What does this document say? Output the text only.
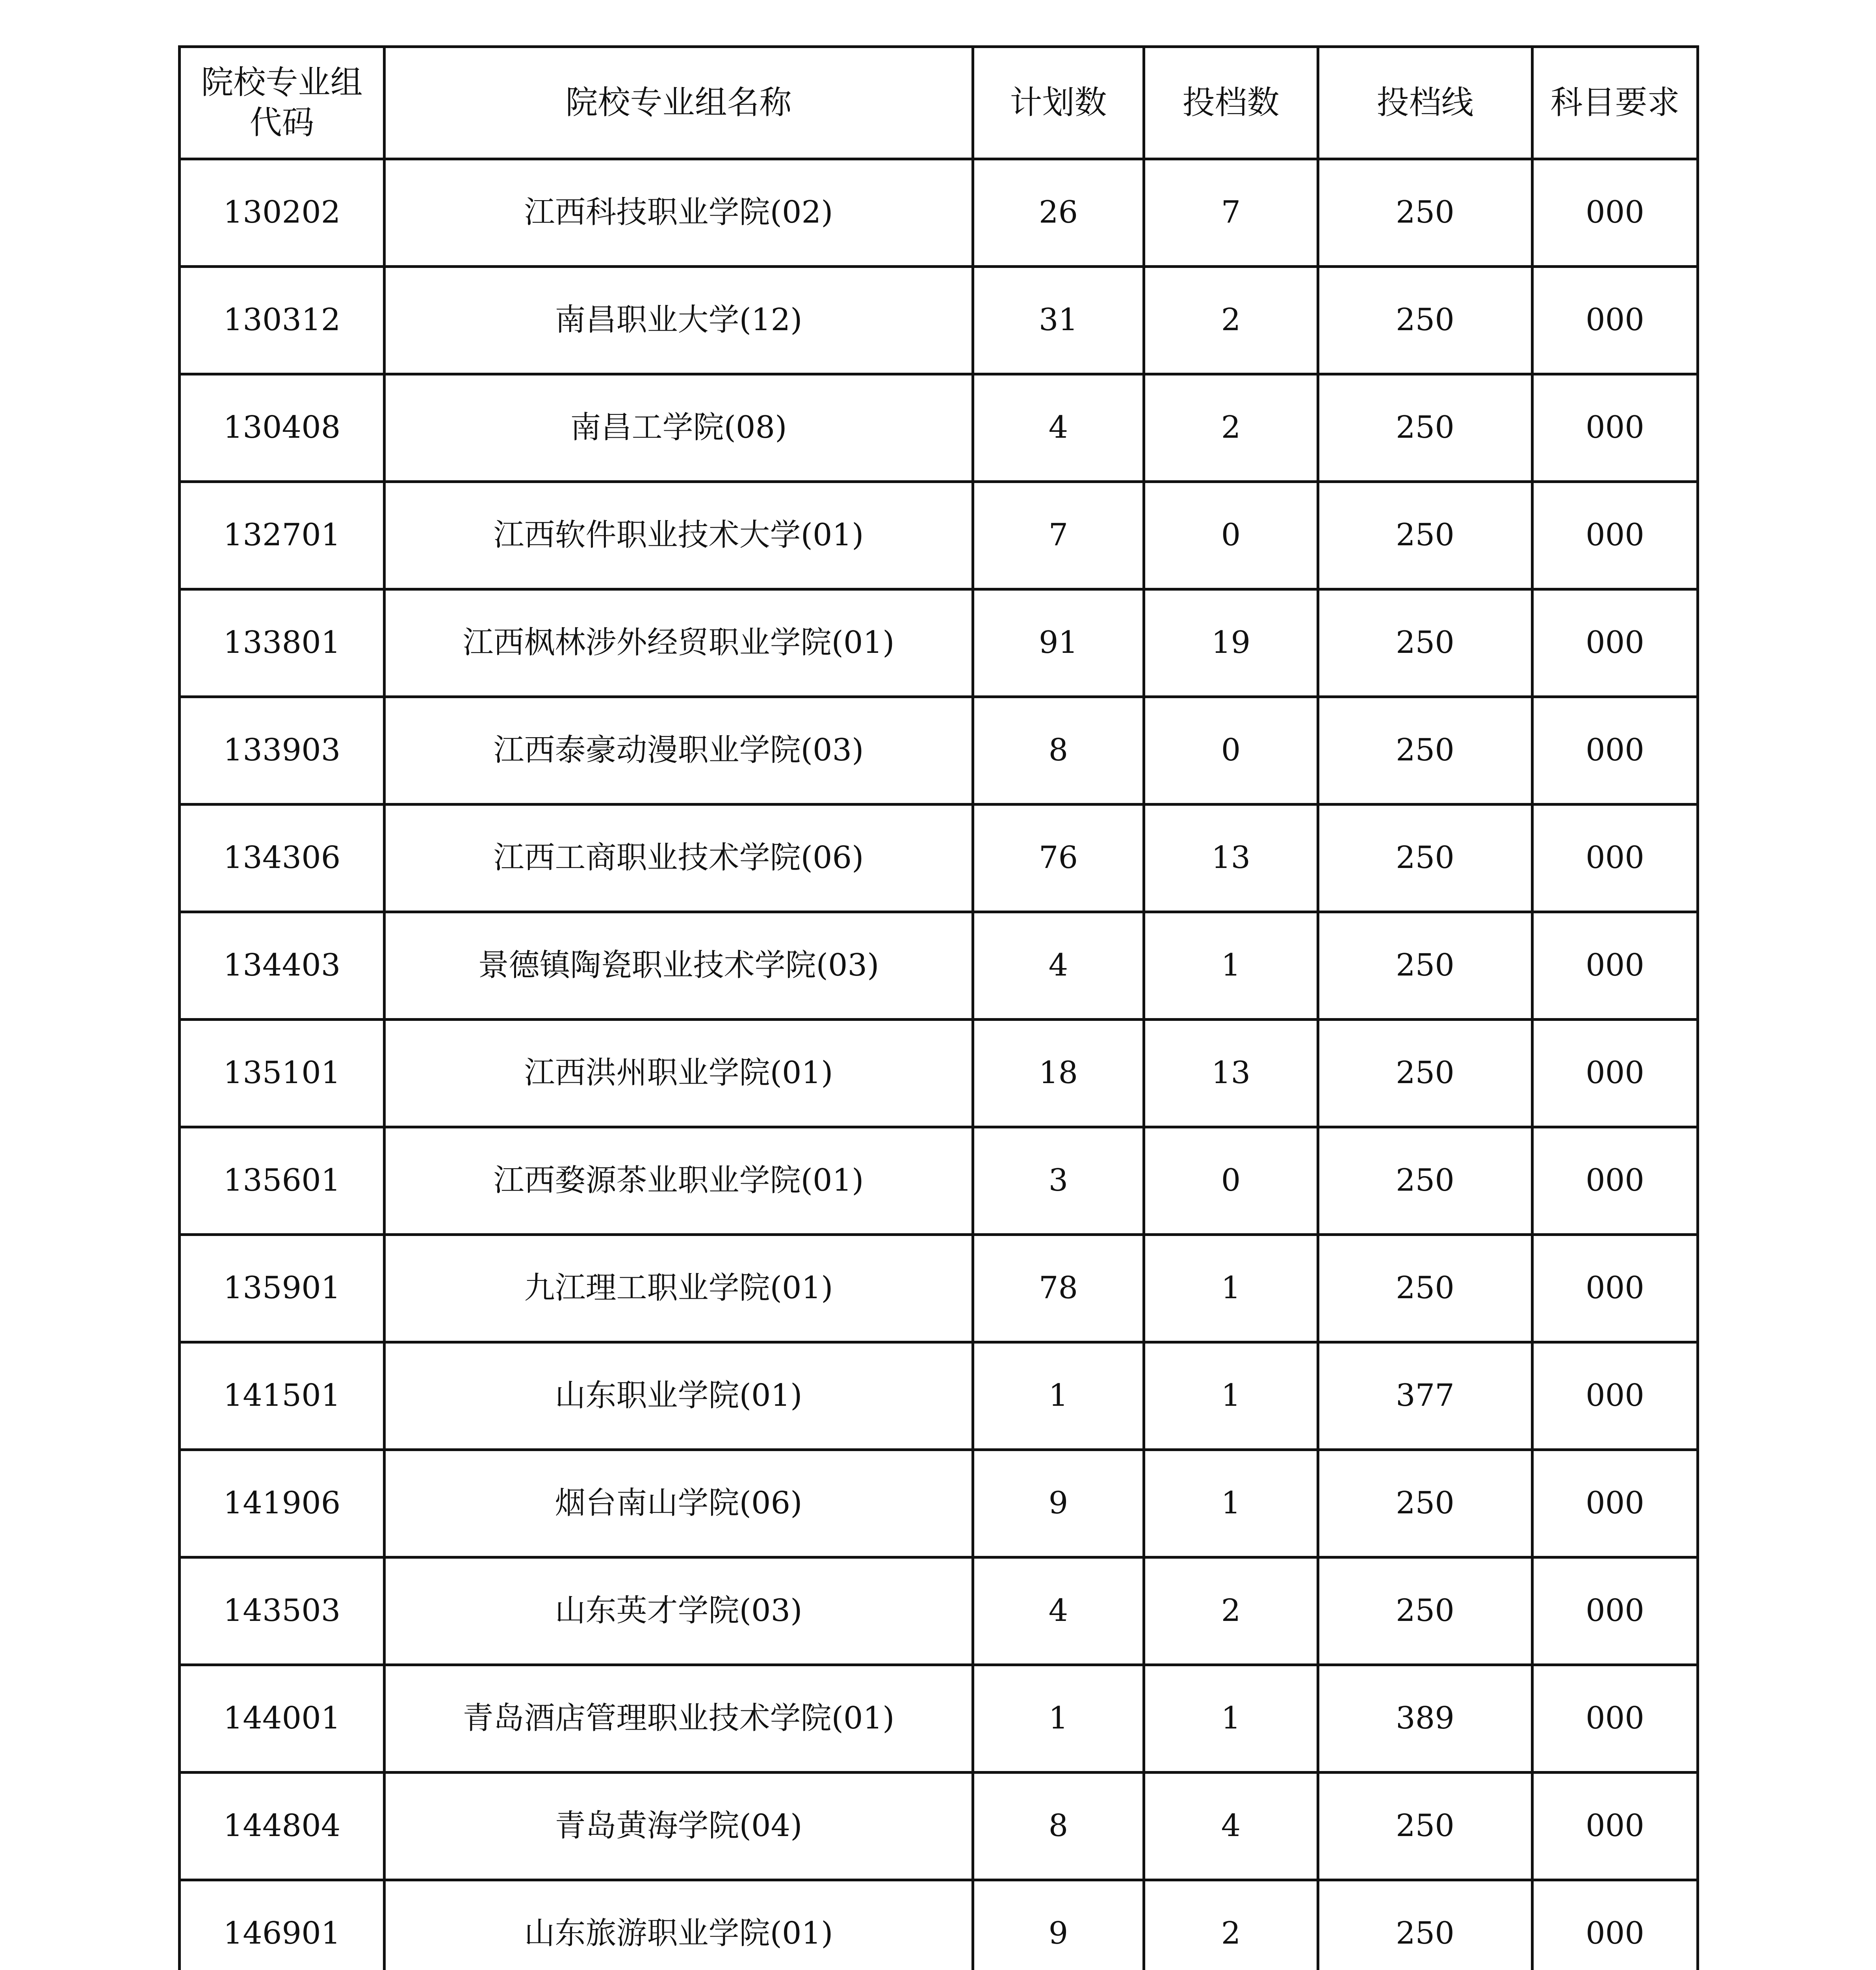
院校专业组
代码	院校专业组名称	计划数	投档数	投档线	科目要求
130202	江西科技职业学院(02)	26	7	250	000
130312	南昌职业大学(12)	31	2	250	000
130408	南昌工学院(08)	4	2	250	000
132701	江西软件职业技术大学(01)	7	0	250	000
133801	江西枫林涉外经贸职业学院(01)	91	19	250	000
133903	江西泰豪动漫职业学院(03)	8	0	250	000
134306	江西工商职业技术学院(06)	76	13	250	000
134403	景德镇陶瓷职业技术学院(03)	4	1	250	000
135101	江西洪州职业学院(01)	18	13	250	000
135601	江西婺源茶业职业学院(01)	3	0	250	000
135901	九江理工职业学院(01)	78	1	250	000
141501	山东职业学院(01)	1	1	377	000
141906	烟台南山学院(06)	9	1	250	000
143503	山东英才学院(03)	4	2	250	000
144001	青岛酒店管理职业技术学院(01)	1	1	389	000
144804	青岛黄海学院(04)	8	4	250	000
146901	山东旅游职业学院(01)	9	2	250	000
